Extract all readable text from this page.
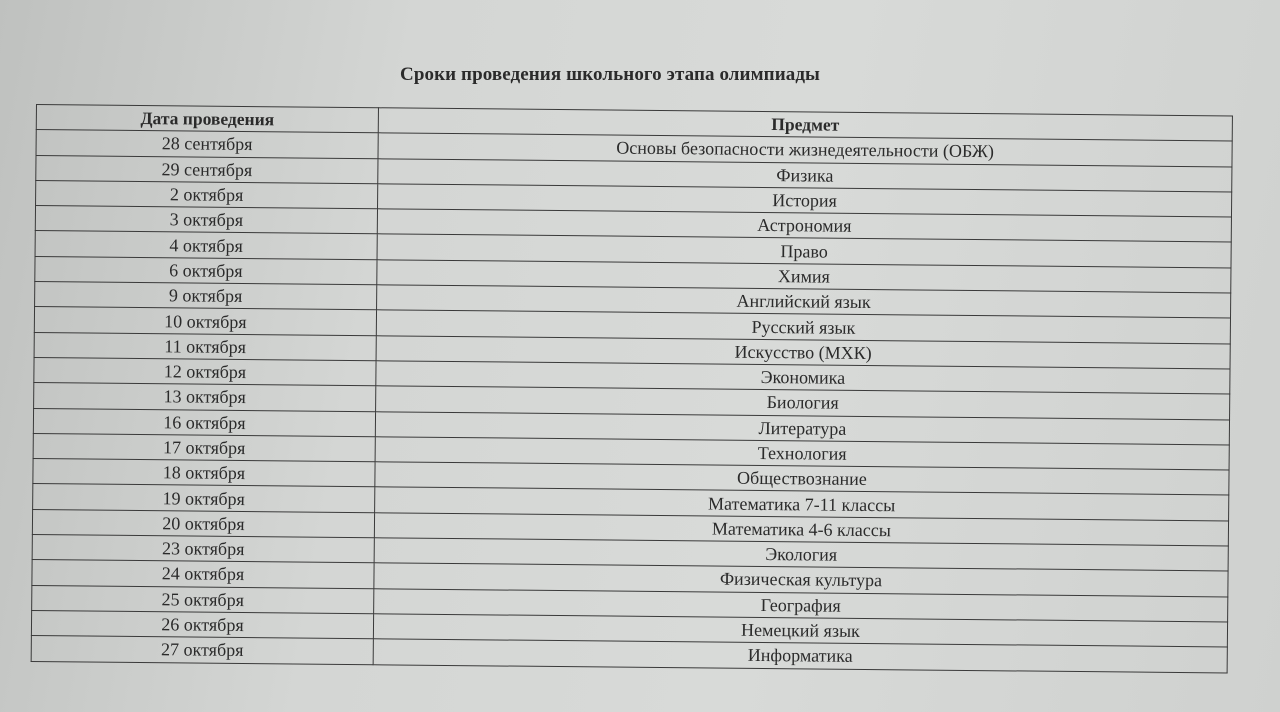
Сроки проведения школьного этапа олимпиады
Дата проведения	Предмет
28 сентября	Основы безопасности жизнедеятельности (ОБЖ)
29 сентября	Физика
2 октября	История
3 октября	Астрономия
4 октября	Право
6 октября	Химия
9 октября	Английский язык
10 октября	Русский язык
11 октября	Искусство (МХК)
12 октября	Экономика
13 октября	Биология
16 октября	Литература
17 октября	Технология
18 октября	Обществознание
19 октября	Математика 7-11 классы
20 октября	Математика 4-6 классы
23 октября	Экология
24 октября	Физическая культура
25 октября	География
26 октября	Немецкий язык
27 октября	Информатика
